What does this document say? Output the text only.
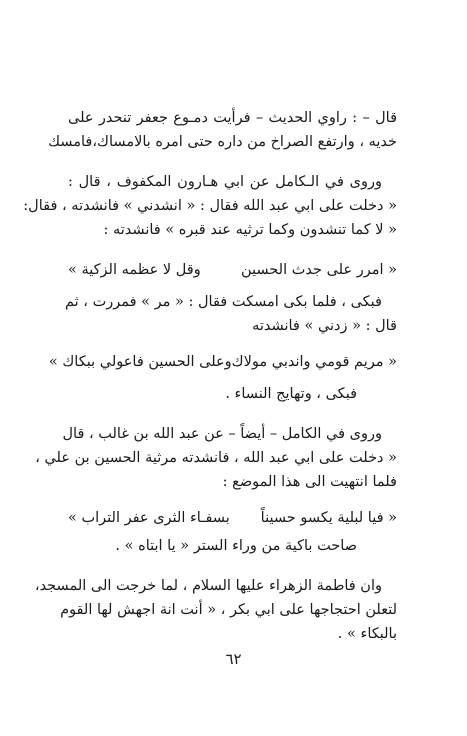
قال – : راوي الحديث – فرأيت دمـوع جعفر تنحدر على
خديه ، وارتفع الصراخ من داره حتى امره بالامساك،فامسك
وروى في الـكامل عن ابي هـارون المكفوف ، قال :
« دخلت على ابي عبد الله فقال : « انشدني » فانشدته ، فقال:
« لا كما تنشدون وكما ترثيه عند قبره » فانشدته :
« امرر على جدث الحسين
وقل لا عظمه الزكية »
فبكى ، فلما بكى امسكت فقال : « مر » فمررت ، ثم
قال : « زدني » فانشدته
« مريم قومي واندبي مولاك
وعلى الحسين فاعولي ببكاك »
فبكى ، وتهايج النساء .
وروى في الكامل – أيضاً – عن عبد الله بن غالب ، قال
« دخلت على ابي عبد الله ، فانشدته مرثية الحسين بن علي ،
فلما انتهيت الى هذا الموضع :
« فيا لبلية يكسو حسيناً
بسفـاء الثرى عفر التراب »
صاحت باكية من وراء الستر « يا ابتاه » .
وان فاطمة الزهراء عليها السلام ، لما خرجت الى المسجد،
لتعلن احتجاجها على ابي بكر ، « أنت انة اجهش لها القوم
بالبكاء » .
٦٢
